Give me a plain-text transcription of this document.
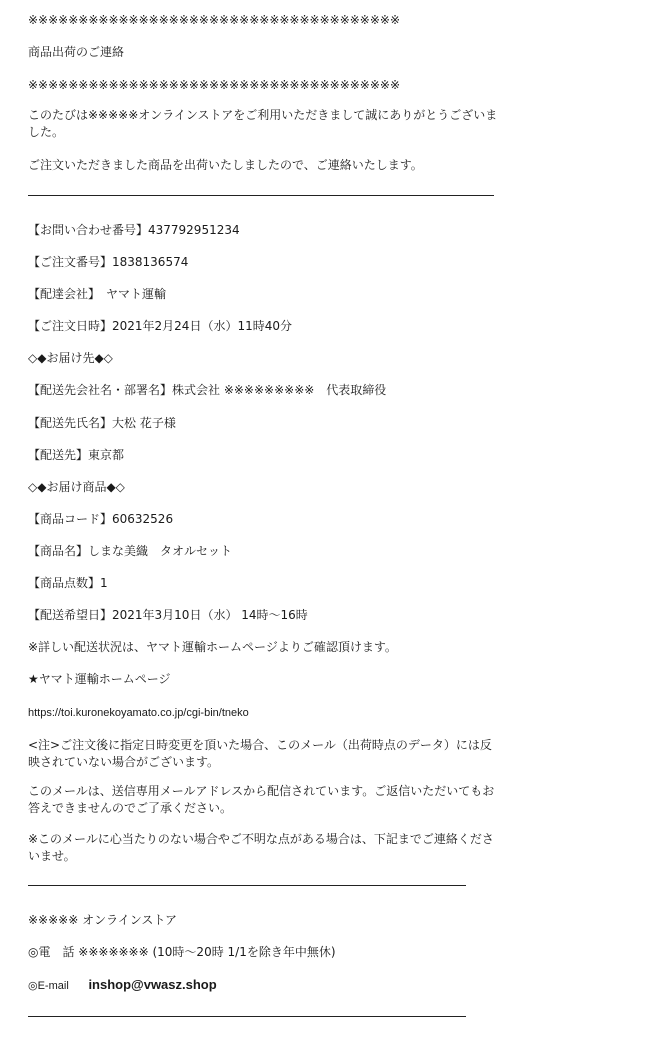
※※※※※※※※※※※※※※※※※※※※※※※※※※※※※※※※※※※※※
商品出荷のご連絡
※※※※※※※※※※※※※※※※※※※※※※※※※※※※※※※※※※※※※
このたびは※※※※※オンラインストアをご利用いただきまして誠にありがとうございました。
ご注文いただきました商品を出荷いたしましたので、ご連絡いたします。
【お問い合わせ番号】437792951234
【ご注文番号】1838136574
【配達会社】　ヤマト運輸
【ご注文日時】2021年2月24日（水）11時40分
◇◆お届け先◆◇
【配送先会社名・部署名】株式会社 ※※※※※※※※※　代表取締役
【配送先氏名】大松 花子様
【配送先】東京都
◇◆お届け商品◆◇
【商品コード】60632526
【商品名】しまな美織　タオルセット
【商品点数】1
【配送希望日】2021年3月10日（水） 14時〜16時
※詳しい配送状況は、ヤマト運輸ホームページよりご確認頂けます。
★ヤマト運輸ホームページ
https://toi.kuronekoyamato.co.jp/cgi-bin/tneko
<注>ご注文後に指定日時変更を頂いた場合、このメール（出荷時点のデータ）には反映されていない場合がございます。
このメールは、送信専用メールアドレスから配信されています。ご返信いただいてもお答えできませんのでご了承ください。
※このメールに心当たりのない場合やご不明な点がある場合は、下記までご連絡くださいませ。
※※※※※ オンラインストア
◎電　話 ※※※※※※※ (10時〜20時 1/1を除き年中無休)
◎E-mail inshop@vwasz.shop
